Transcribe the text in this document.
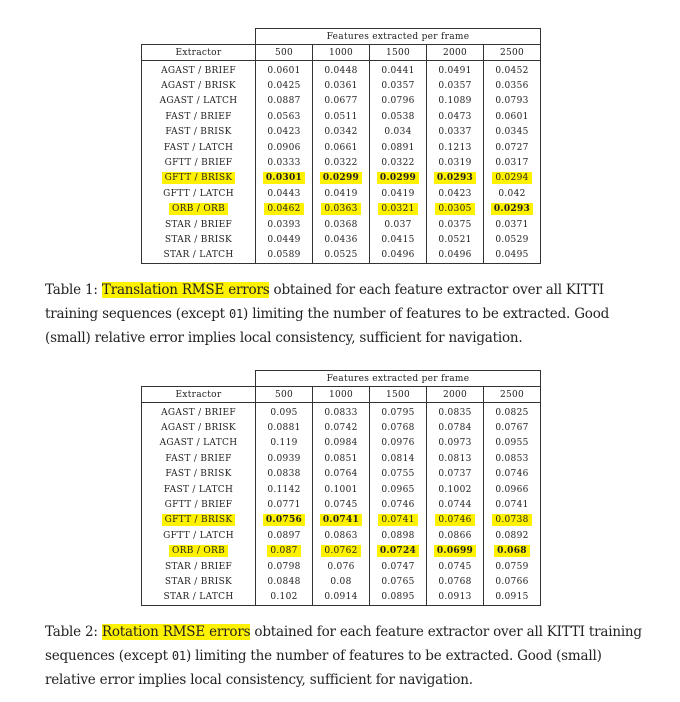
	Features extracted per frame				
Extractor	500	1000	1500	2000	2500
AGAST / BRIEF	0.0601	0.0448	0.0441	0.0491	0.0452
AGAST / BRISK	0.0425	0.0361	0.0357	0.0357	0.0356
AGAST / LATCH	0.0887	0.0677	0.0796	0.1089	0.0793
FAST / BRIEF	0.0563	0.0511	0.0538	0.0473	0.0601
FAST / BRISK	0.0423	0.0342	0.034	0.0337	0.0345
FAST / LATCH	0.0906	0.0661	0.0891	0.1213	0.0727
GFTT / BRIEF	0.0333	0.0322	0.0322	0.0319	0.0317
GFTT / BRISK	0.0301	0.0299	0.0299	0.0293	0.0294
GFTT / LATCH	0.0443	0.0419	0.0419	0.0423	0.042
ORB / ORB	0.0462	0.0363	0.0321	0.0305	0.0293
STAR / BRIEF	0.0393	0.0368	0.037	0.0375	0.0371
STAR / BRISK	0.0449	0.0436	0.0415	0.0521	0.0529
STAR / LATCH	0.0589	0.0525	0.0496	0.0496	0.0495
Table 1: Translation RMSE errors obtained for each feature extractor over all KITTI training sequences (except 01) limiting the number of features to be extracted. Good (small) relative error implies local consistency, sufficient for navigation.
	Features extracted per frame				
Extractor	500	1000	1500	2000	2500
AGAST / BRIEF	0.095	0.0833	0.0795	0.0835	0.0825
AGAST / BRISK	0.0881	0.0742	0.0768	0.0784	0.0767
AGAST / LATCH	0.119	0.0984	0.0976	0.0973	0.0955
FAST / BRIEF	0.0939	0.0851	0.0814	0.0813	0.0853
FAST / BRISK	0.0838	0.0764	0.0755	0.0737	0.0746
FAST / LATCH	0.1142	0.1001	0.0965	0.1002	0.0966
GFTT / BRIEF	0.0771	0.0745	0.0746	0.0744	0.0741
GFTT / BRISK	0.0756	0.0741	0.0741	0.0746	0.0738
GFTT / LATCH	0.0897	0.0863	0.0898	0.0866	0.0892
ORB / ORB	0.087	0.0762	0.0724	0.0699	0.068
STAR / BRIEF	0.0798	0.076	0.0747	0.0745	0.0759
STAR / BRISK	0.0848	0.08	0.0765	0.0768	0.0766
STAR / LATCH	0.102	0.0914	0.0895	0.0913	0.0915
Table 2: Rotation RMSE errors obtained for each feature extractor over all KITTI training sequences (except 01) limiting the number of features to be extracted. Good (small) relative error implies local consistency, sufficient for navigation.
